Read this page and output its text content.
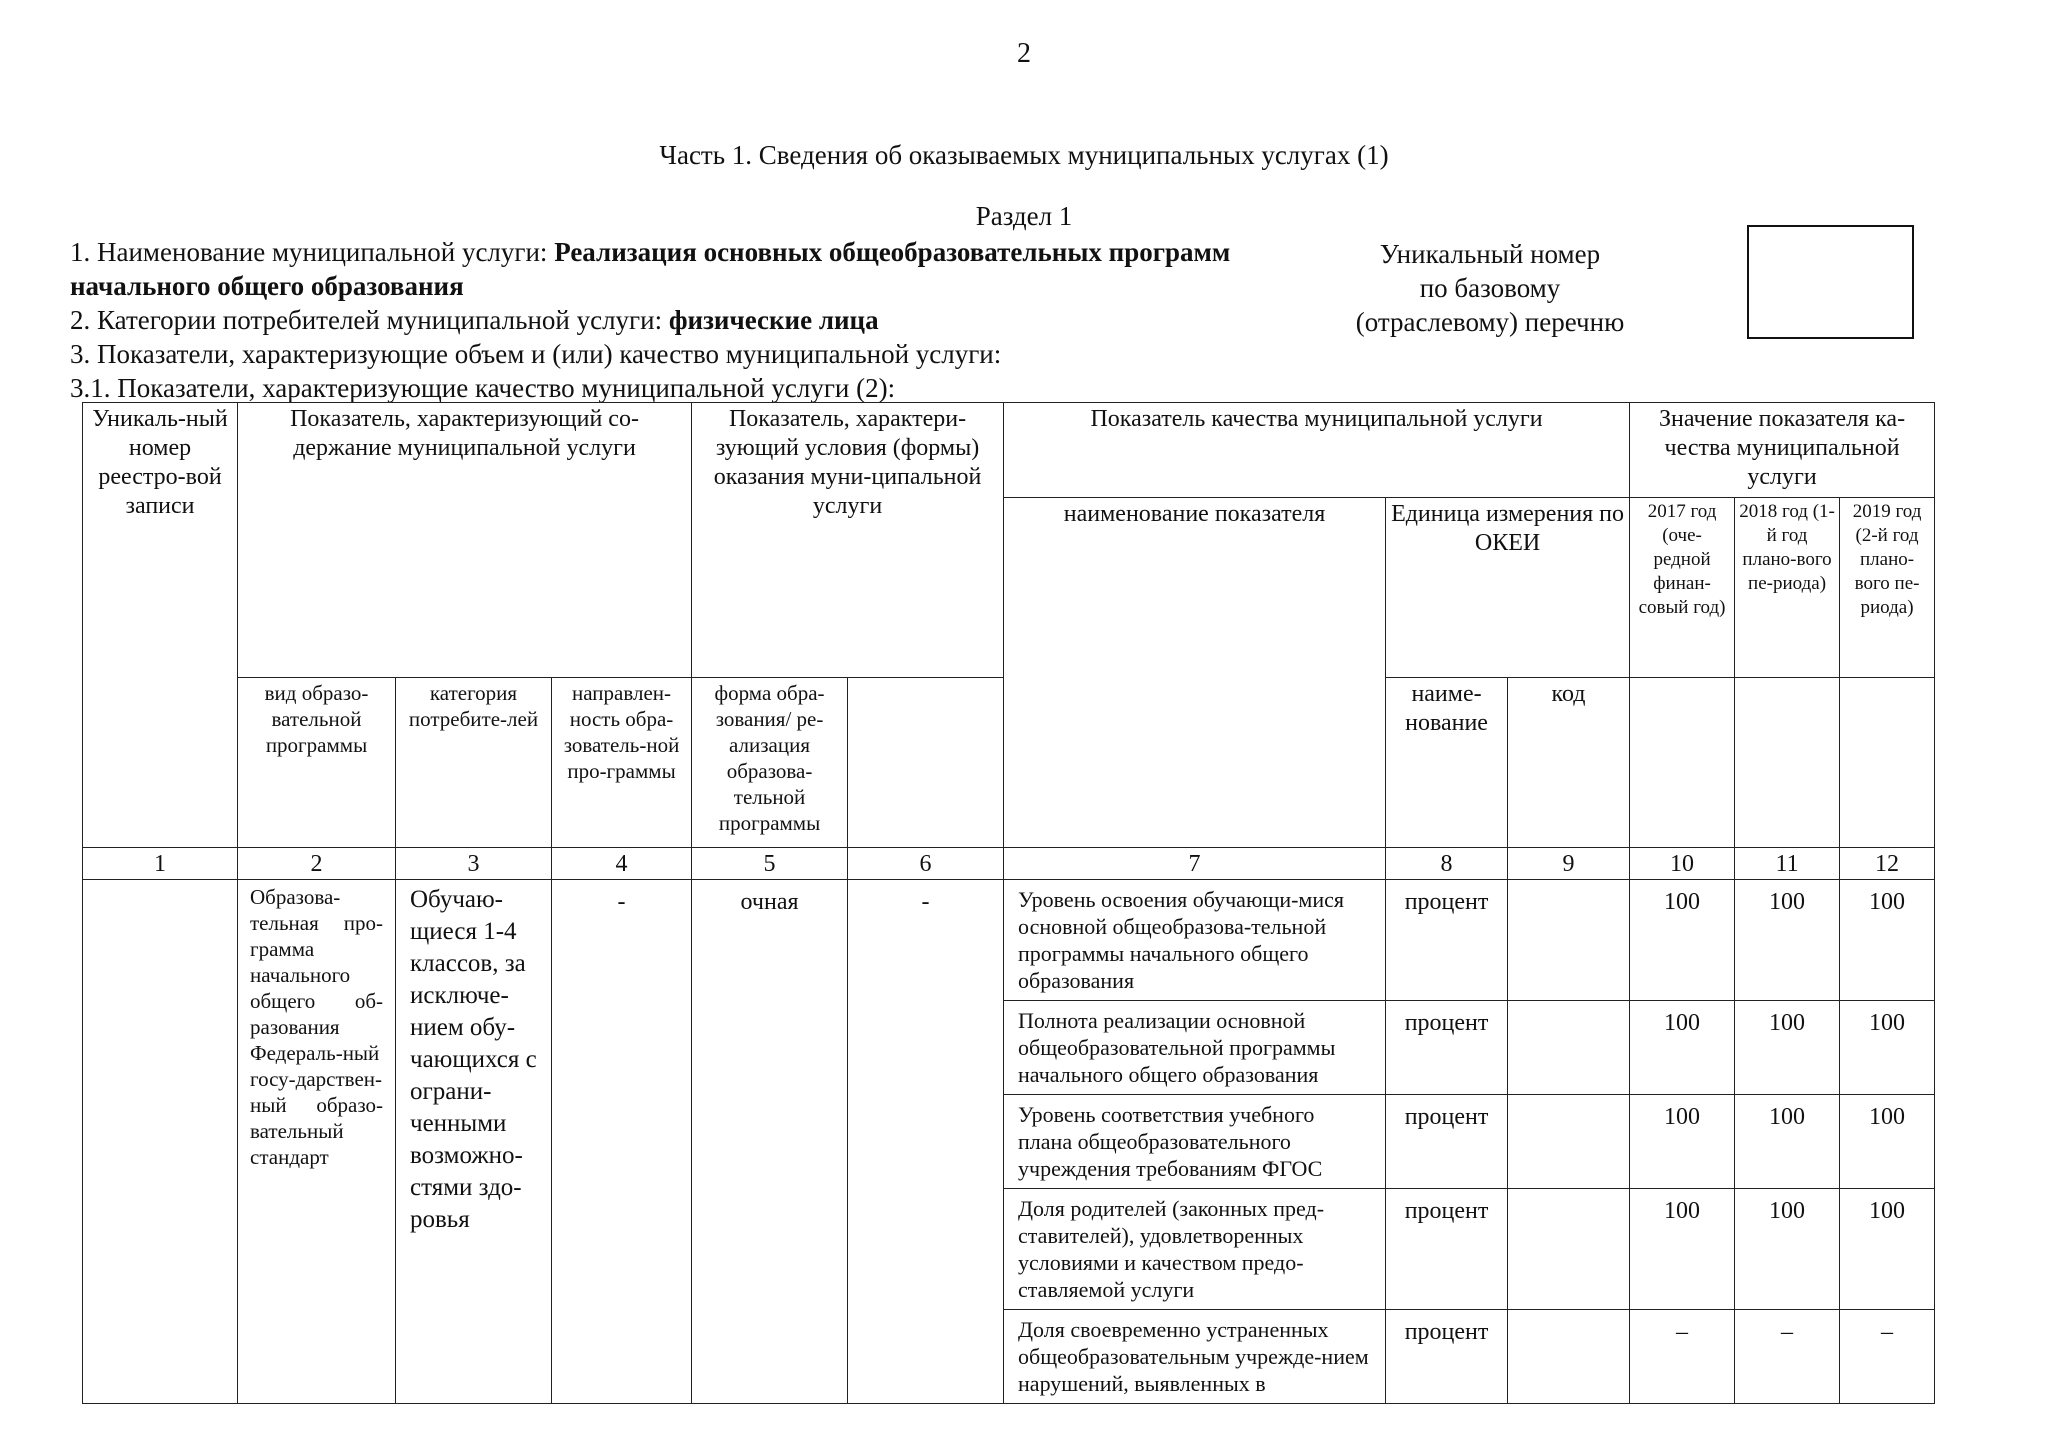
2
Часть 1. Сведения об оказываемых муниципальных услугах (1)
Раздел 1
1. Наименование муниципальной услуги: Реализация основных общеобразовательных программ
начального общего образования
2. Категории потребителей муниципальной услуги: физические лица
3. Показатели, характеризующие объем и (или) качество муниципальной услуги:
3.1. Показатели, характеризующие качество муниципальной услуги (2):
Уникальный номер
по базовому
(отраслевому) перечню
Уникаль-ный номер реестро-вой записи	Показатель, характеризующий со-держание муниципальной услуги			Показатель, характери-зующий условия (формы) оказания муни-ципальной услуги		Показатель качества муниципальной услуги			Значение показателя ка-чества муниципальной услуги		
						наименование показателя	Единица измерения по ОКЕИ		2017 год (оче-редной финан-совый год)	2018 год (1-й год плано-вого пе-риода)	2019 год (2-й год плано-вого пе-риода)
	вид образо-вательной программы	категория потребите-лей	направлен-ность обра-зователь-ной про-граммы	форма обра-зования/ ре-ализация образова-тельной программы			наиме-нование	код			
1	2	3	4	5	6	7	8	9	10	11	12
	Образова-тельная про-грамма начального общего об-разования Федераль-ный госу-дарствен-ный образо-вательный стандарт	Обучаю-щиеся 1-4 классов, за исключе-нием обу-чающихся с ограни-ченными возможно-стями здо-ровья	-	очная	-	Уровень освоения обучающи-мися основной общеобразова-тельной программы начального общего образования	процент		100	100	100
						Полнота реализации основной общеобразовательной программы начального общего образования	процент		100	100	100
						Уровень соответствия учебного плана общеобразовательного учреждения требованиям ФГОС	процент		100	100	100
						Доля родителей (законных пред-ставителей), удовлетворенных условиями и качеством предо-ставляемой услуги	процент		100	100	100
						Доля своевременно устраненных общеобразовательным учрежде-нием нарушений, выявленных в	процент		–	–	–
